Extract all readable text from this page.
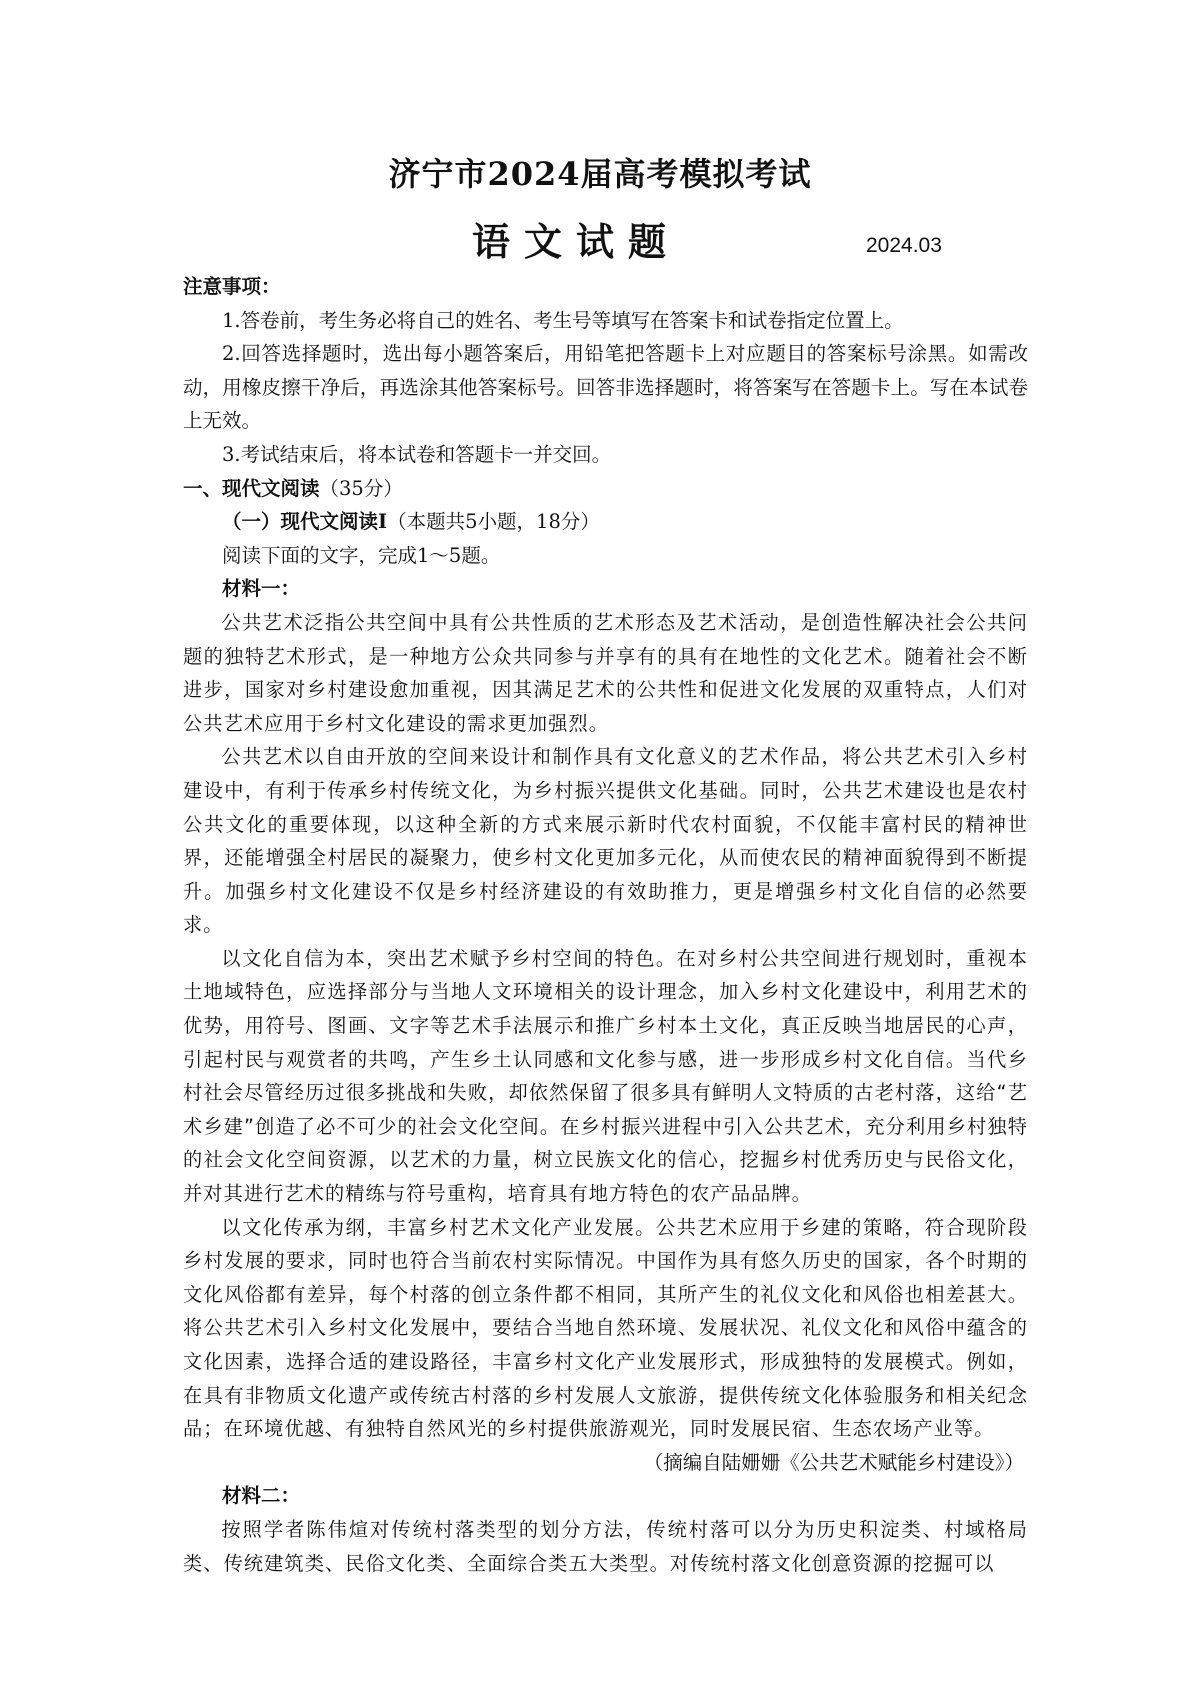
济宁市2024届高考模拟考试
语文试题	2024.03

注意事项：

1.答卷前，考生务必将自己的姓名、考生号等填写在答案卡和试卷指定位置上。

2.回答选择题时，选出每小题答案后，用铅笔把答题卡上对应题目的答案标号涂黑。如需改动，用橡皮擦干净后，再选涂其他答案标号。回答非选择题时，将答案写在答题卡上。写在本试卷上无效。

3.考试结束后，将本试卷和答题卡一并交回。

一、现代文阅读（35分）

（一）现代文阅读Ⅰ（本题共5小题，18分）

阅读下面的文字，完成1～5题。

材料一：

公共艺术泛指公共空间中具有公共性质的艺术形态及艺术活动，是创造性解决社会公共问题的独特艺术形式，是一种地方公众共同参与并享有的具有在地性的文化艺术。随着社会不断进步，国家对乡村建设愈加重视，因其满足艺术的公共性和促进文化发展的双重特点，人们对公共艺术应用于乡村文化建设的需求更加强烈。

公共艺术以自由开放的空间来设计和制作具有文化意义的艺术作品，将公共艺术引入乡村建设中，有利于传承乡村传统文化，为乡村振兴提供文化基础。同时，公共艺术建设也是农村公共文化的重要体现，以这种全新的方式来展示新时代农村面貌，不仅能丰富村民的精神世界，还能增强全村居民的凝聚力，使乡村文化更加多元化，从而使农民的精神面貌得到不断提升。加强乡村文化建设不仅是乡村经济建设的有效助推力，更是增强乡村文化自信的必然要求。

以文化自信为本，突出艺术赋予乡村空间的特色。在对乡村公共空间进行规划时，重视本土地域特色，应选择部分与当地人文环境相关的设计理念，加入乡村文化建设中，利用艺术的优势，用符号、图画、文字等艺术手法展示和推广乡村本土文化，真正反映当地居民的心声，引起村民与观赏者的共鸣，产生乡土认同感和文化参与感，进一步形成乡村文化自信。当代乡村社会尽管经历过很多挑战和失败，却依然保留了很多具有鲜明人文特质的古老村落，这给“艺术乡建”创造了必不可少的社会文化空间。在乡村振兴进程中引入公共艺术，充分利用乡村独特的社会文化空间资源，以艺术的力量，树立民族文化的信心，挖掘乡村优秀历史与民俗文化，并对其进行艺术的精练与符号重构，培育具有地方特色的农产品品牌。

以文化传承为纲，丰富乡村艺术文化产业发展。公共艺术应用于乡建的策略，符合现阶段乡村发展的要求，同时也符合当前农村实际情况。中国作为具有悠久历史的国家，各个时期的文化风俗都有差异，每个村落的创立条件都不相同，其所产生的礼仪文化和风俗也相差甚大。将公共艺术引入乡村文化发展中，要结合当地自然环境、发展状况、礼仪文化和风俗中蕴含的文化因素，选择合适的建设路径，丰富乡村文化产业发展形式，形成独特的发展模式。例如，在具有非物质文化遗产或传统古村落的乡村发展人文旅游，提供传统文化体验服务和相关纪念品；在环境优越、有独特自然风光的乡村提供旅游观光，同时发展民宿、生态农场产业等。

（摘编自陆姗姗《公共艺术赋能乡村建设》）

材料二：

按照学者陈伟煊对传统村落类型的划分方法，传统村落可以分为历史积淀类、村域格局类、传统建筑类、民俗文化类、全面综合类五大类型。对传统村落文化创意资源的挖掘可以
